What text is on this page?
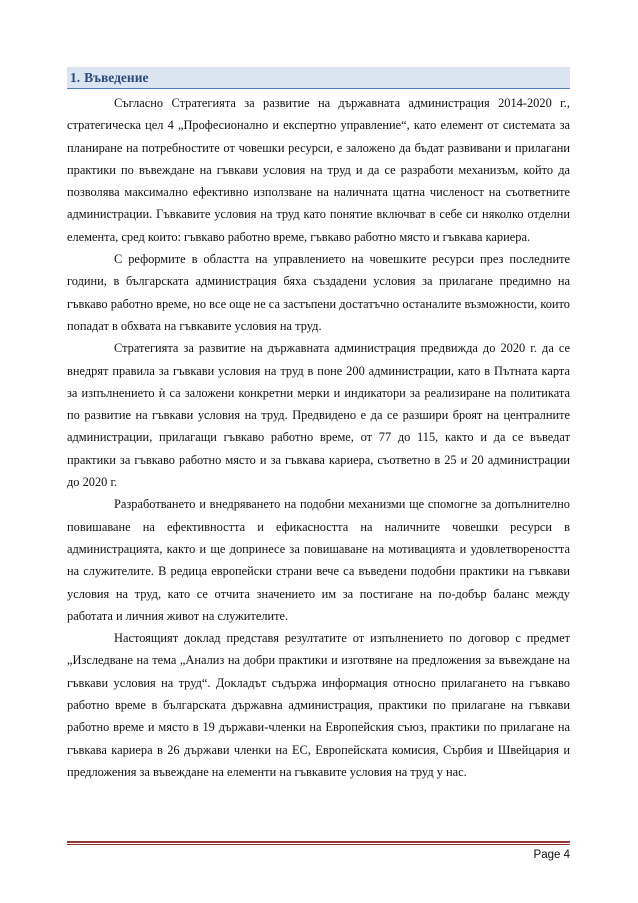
1. Въведение

Съгласно Стратегията за развитие на държавната администрация 2014-2020 г., стратегическа цел 4 „Професионално и експертно управление“, като елемент от системата за планиране на потребностите от човешки ресурси, е заложено да бъдат развивани и прилагани практики по въвеждане на гъвкави условия на труд и да се разработи механизъм, който да позволява максимално ефективно използване на наличната щатна численост на съответните администрации. Гъвкавите условия на труд като понятие включват в себе си няколко отделни елемента, сред които: гъвкаво работно време, гъвкаво работно място и гъвкава кариера.

С реформите в областта на управлението на човешките ресурси през последните години, в българската администрация бяха създадени условия за прилагане предимно на гъвкаво работно време, но все още не са застъпени достатъчно останалите възможности, които попадат в обхвата на гъвкавите условия на труд.

Стратегията за развитие на държавната администрация предвижда до 2020 г. да се внедрят правила за гъвкави условия на труд в поне 200 администрации, като в Пътната карта за изпълнението ѝ са заложени конкретни мерки и индикатори за реализиране на политиката по развитие на гъвкави условия на труд. Предвидено е да се разшири броят на централните администрации, прилагащи гъвкаво работно време, от 77 до 115, както и да се въведат практики за гъвкаво работно място и за гъвкава кариера, съответно в 25 и 20 администрации до 2020 г.

Разработването и внедряването на подобни механизми ще спомогне за допълнително повишаване на ефективността и ефикасността на наличните човешки ресурси в администрацията, както и ще допринесе за повишаване на мотивацията и удовлетвореността на служителите. В редица европейски страни вече са въведени подобни практики на гъвкави условия на труд, като се отчита значението им за постигане на по-добър баланс между работата и личния живот на служителите.

Настоящият доклад представя резултатите от изпълнението по договор с предмет „Изследване на тема „Анализ на добри практики и изготвяне на предложения за въвеждане на гъвкави условия на труд“. Докладът съдържа информация относно прилагането на гъвкаво работно време в българската държавна администрация, практики по прилагане на гъвкави работно време и място в 19 държави-членки на Европейския съюз, практики по прилагане на гъвкава кариера в 26 държави членки на ЕС, Европейската комисия, Сърбия и Швейцария и предложения за въвеждане на елементи на гъвкавите условия на труд у нас.

Page 4
